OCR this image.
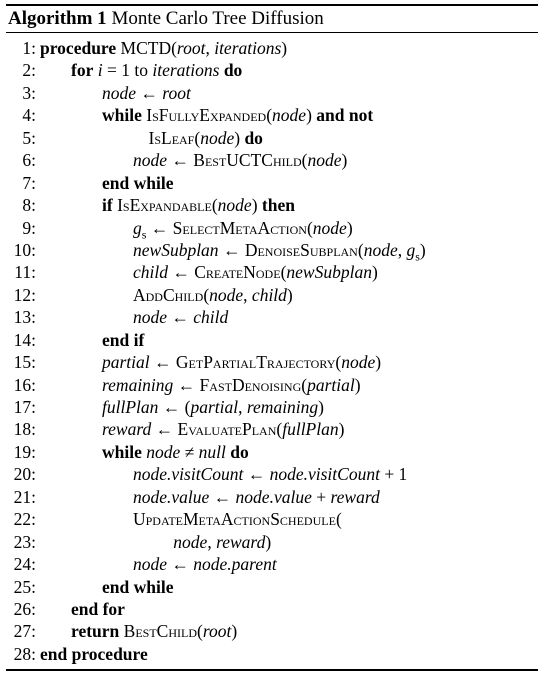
Algorithm 1 Monte Carlo Tree Diffusion
1: procedure MCTD(root, iterations)
2: for i = 1 to iterations do
3:	node ← root
4:	while IsFullyExpanded(node) and not
5:	IsLeaf(node) do
6:	node ← BestUCTChild(node)
7:	end while
8:	if IsExpandable(node) then
9:	$g_s$ ← SelectMetaAction(node)
10:	newSubplan ← DenoiseSubplan(node, $g_s$)
11:	child ← CreateNode(newSubplan)
12:	AddChild(node, child)
13:	node ← child
14:	end if
15:	partial ← GetPartialTrajectory(node)
16:	remaining ← FastDenoising(partial)
17:	fullPlan ← (partial, remaining)
18:	reward ← EvaluatePlan(fullPlan)
19:	while node ≠ null do
20:	node.visitCount ← node.visitCount + 1
21:	node.value ← node.value + reward
22:	UpdateMetaActionSchedule(
23:	node, reward)
24:	node ← node.parent
25:	end while
26: end for
27: return BestChild(root)
28: end procedure
